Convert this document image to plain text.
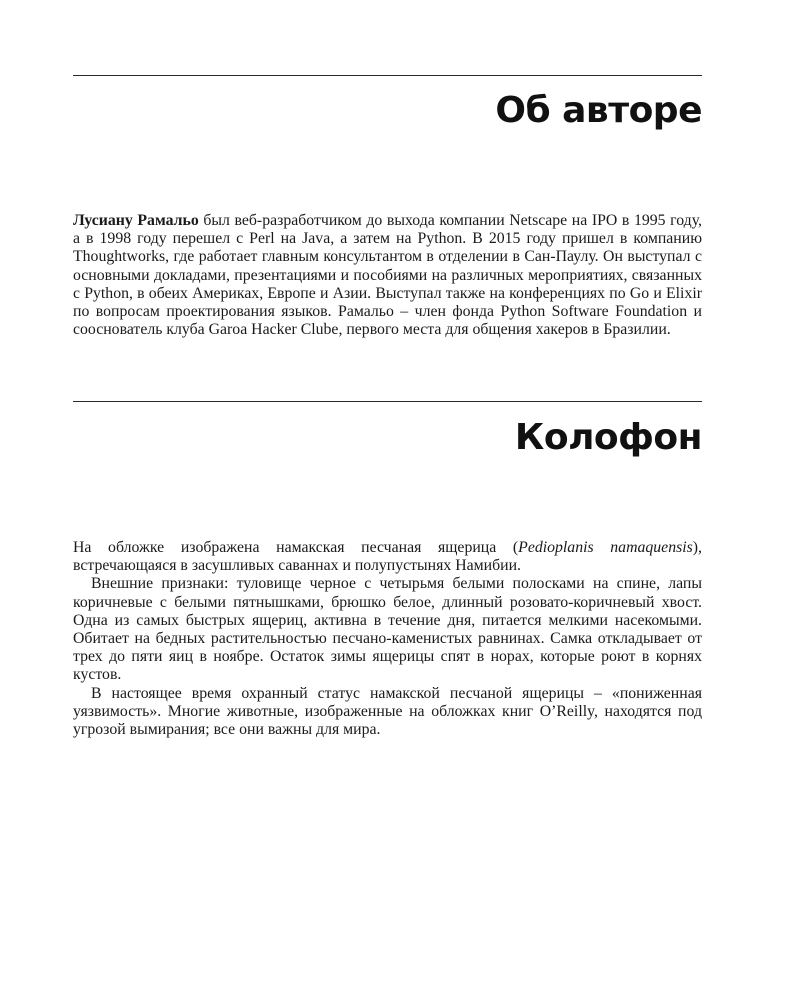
Об авторе

Лусиану Рамальо был веб-разработчиком до выхода компании Netscape на IPO в 1995 году, а в 1998 году перешел с Perl на Java, а затем на Python. В 2015 году пришел в компанию Thoughtworks, где работает главным консультантом в отделении в Сан-Паулу. Он выступал с основными докладами, презентациями и пособиями на различных мероприятиях, связанных с Python, в обеих Америках, Европе и Азии. Выступал также на конференциях по Go и Elixir по вопросам проектирования языков. Рамальо – член фонда Python Software Foundation и сооснователь клуба Garoa Hacker Clube, первого места для общения хакеров в Бразилии.

Колофон

На обложке изображена намакская песчаная ящерица (Pedioplanis namaquensis), встречающаяся в засушливых саваннах и полупустынях Намибии.

Внешние признаки: туловище черное с четырьмя белыми полосками на спине, лапы коричневые с белыми пятнышками, брюшко белое, длинный розовато-коричневый хвост. Одна из самых быстрых ящериц, активна в течение дня, питается мелкими насекомыми. Обитает на бедных растительностью песчано-каменистых равнинах. Самка откладывает от трех до пяти яиц в ноябре. Остаток зимы ящерицы спят в норах, которые роют в корнях кустов.

В настоящее время охранный статус намакской песчаной ящерицы – «пониженная уязвимость». Многие животные, изображенные на обложках книг O’Reilly, находятся под угрозой вымирания; все они важны для мира.
